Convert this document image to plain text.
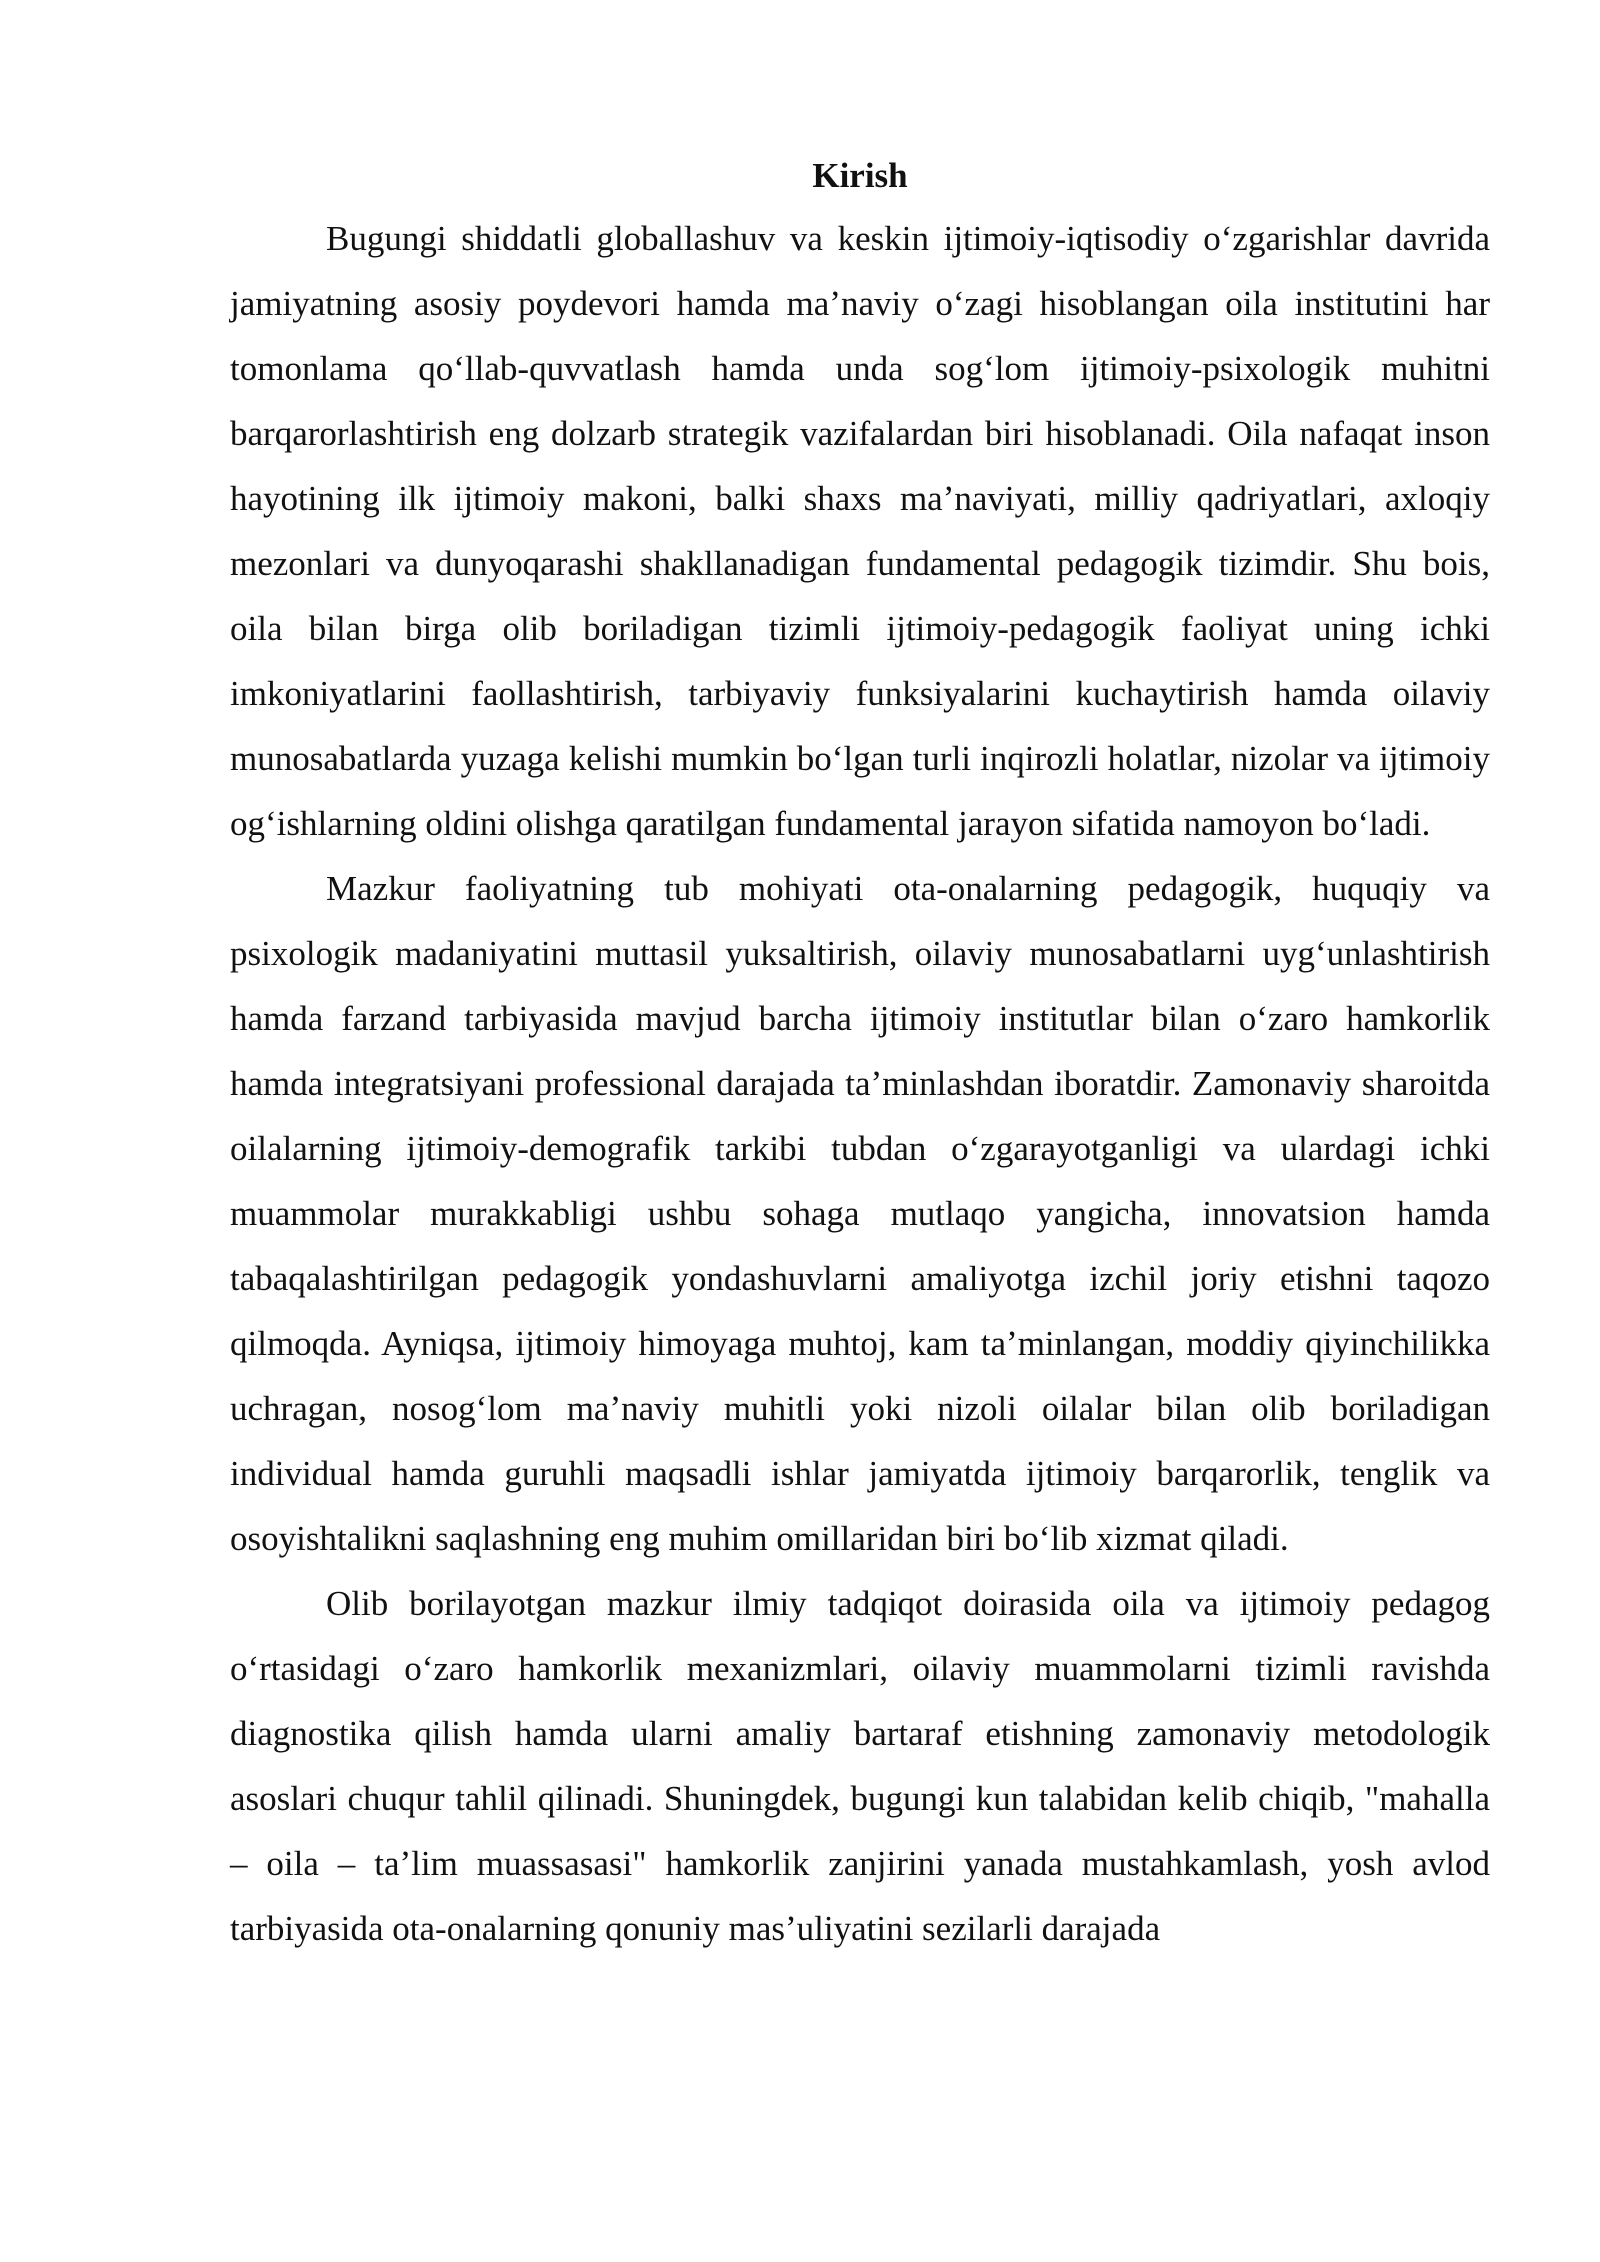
Kirish

Bugungi shiddatli globallashuv va keskin ijtimoiy-iqtisodiy oʻzgarishlar davrida jamiyatning asosiy poydevori hamda maʼnaviy oʻzagi hisoblangan oila institutini har tomonlama qoʻllab-quvvatlash hamda unda sogʻlom ijtimoiy-psixologik muhitni barqarorlashtirish eng dolzarb strategik vazifalardan biri hisoblanadi. Oila nafaqat inson hayotining ilk ijtimoiy makoni, balki shaxs maʼnaviyati, milliy qadriyatlari, axloqiy mezonlari va dunyoqarashi shakllanadigan fundamental pedagogik tizimdir. Shu bois, oila bilan birga olib boriladigan tizimli ijtimoiy-pedagogik faoliyat uning ichki imkoniyatlarini faollashtirish, tarbiyaviy funksiyalarini kuchaytirish hamda oilaviy munosabatlarda yuzaga kelishi mumkin boʻlgan turli inqirozli holatlar, nizolar va ijtimoiy ogʻishlarning oldini olishga qaratilgan fundamental jarayon sifatida namoyon boʻladi.

Mazkur faoliyatning tub mohiyati ota-onalarning pedagogik, huquqiy va psixologik madaniyatini muttasil yuksaltirish, oilaviy munosabatlarni uygʻunlashtirish hamda farzand tarbiyasida mavjud barcha ijtimoiy institutlar bilan oʻzaro hamkorlik hamda integratsiyani professional darajada taʼminlashdan iboratdir. Zamonaviy sharoitda oilalarning ijtimoiy-demografik tarkibi tubdan oʻzgarayotganligi va ulardagi ichki muammolar murakkabligi ushbu sohaga mutlaqo yangicha, innovatsion hamda tabaqalashtirilgan pedagogik yondashuvlarni amaliyotga izchil joriy etishni taqozo qilmoqda. Ayniqsa, ijtimoiy himoyaga muhtoj, kam taʼminlangan, moddiy qiyinchilikka uchragan, nosogʻlom maʼnaviy muhitli yoki nizoli oilalar bilan olib boriladigan individual hamda guruhli maqsadli ishlar jamiyatda ijtimoiy barqarorlik, tenglik va osoyishtalikni saqlashning eng muhim omillaridan biri boʻlib xizmat qiladi.

Olib borilayotgan mazkur ilmiy tadqiqot doirasida oila va ijtimoiy pedagog oʻrtasidagi oʻzaro hamkorlik mexanizmlari, oilaviy muammolarni tizimli ravishda diagnostika qilish hamda ularni amaliy bartaraf etishning zamonaviy metodologik asoslari chuqur tahlil qilinadi. Shuningdek, bugungi kun talabidan kelib chiqib, "mahalla – oila – taʼlim muassasasi" hamkorlik zanjirini yanada mustahkamlash, yosh avlod tarbiyasida ota-onalarning qonuniy masʼuliyatini sezilarli darajada
